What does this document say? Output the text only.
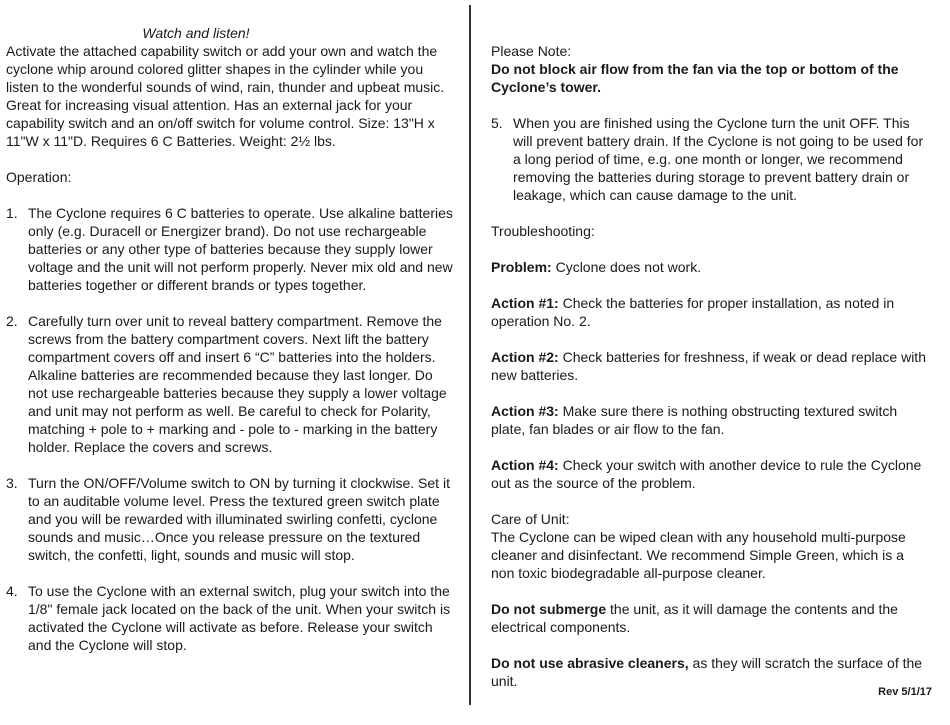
Watch and listen!

Activate the attached capability switch or add your own and watch the cyclone whip around colored glitter shapes in the cylinder while you listen to the wonderful sounds of wind, rain, thunder and upbeat music. Great for increasing visual attention. Has an external jack for your capability switch and an on/off switch for volume control. Size: 13"H x 11"W x 11"D. Requires 6 C Batteries. Weight: 2½ lbs.

Operation:

1. The Cyclone requires 6 C batteries to operate. Use alkaline batteries only (e.g. Duracell or Energizer brand). Do not use rechargeable batteries or any other type of batteries because they supply lower voltage and the unit will not perform properly. Never mix old and new batteries together or different brands or types together.
2. Carefully turn over unit to reveal battery compartment. Remove the screws from the battery compartment covers. Next lift the battery compartment covers off and insert 6 “C” batteries into the holders. Alkaline batteries are recommended because they last longer. Do not use rechargeable batteries because they supply a lower voltage and unit may not perform as well. Be careful to check for Polarity, matching + pole to + marking and - pole to - marking in the battery holder. Replace the covers and screws.
3. Turn the ON/OFF/Volume switch to ON by turning it clockwise. Set it to an auditable volume level. Press the textured green switch plate and you will be rewarded with illuminated swirling confetti, cyclone sounds and music…Once you release pressure on the textured switch, the confetti, light, sounds and music will stop.
4. To use the Cyclone with an external switch, plug your switch into the 1/8" female jack located on the back of the unit. When your switch is activated the Cyclone will activate as before. Release your switch and the Cyclone will stop.

Please Note:

Do not block air flow from the fan via the top or bottom of the Cyclone’s tower.

5. When you are finished using the Cyclone turn the unit OFF. This will prevent battery drain. If the Cyclone is not going to be used for a long period of time, e.g. one month or longer, we recommend removing the batteries during storage to prevent battery drain or leakage, which can cause damage to the unit.

Troubleshooting:

Problem: Cyclone does not work.

Action #1: Check the batteries for proper installation, as noted in operation No. 2.

Action #2: Check batteries for freshness, if weak or dead replace with new batteries.

Action #3: Make sure there is nothing obstructing textured switch plate, fan blades or air flow to the fan.

Action #4: Check your switch with another device to rule the Cyclone out as the source of the problem.

Care of Unit:

The Cyclone can be wiped clean with any household multi-purpose cleaner and disinfectant. We recommend Simple Green, which is a non toxic biodegradable all-purpose cleaner.

Do not submerge the unit, as it will damage the contents and the electrical components.

Do not use abrasive cleaners, as they will scratch the surface of the unit.

Rev 5/1/17
